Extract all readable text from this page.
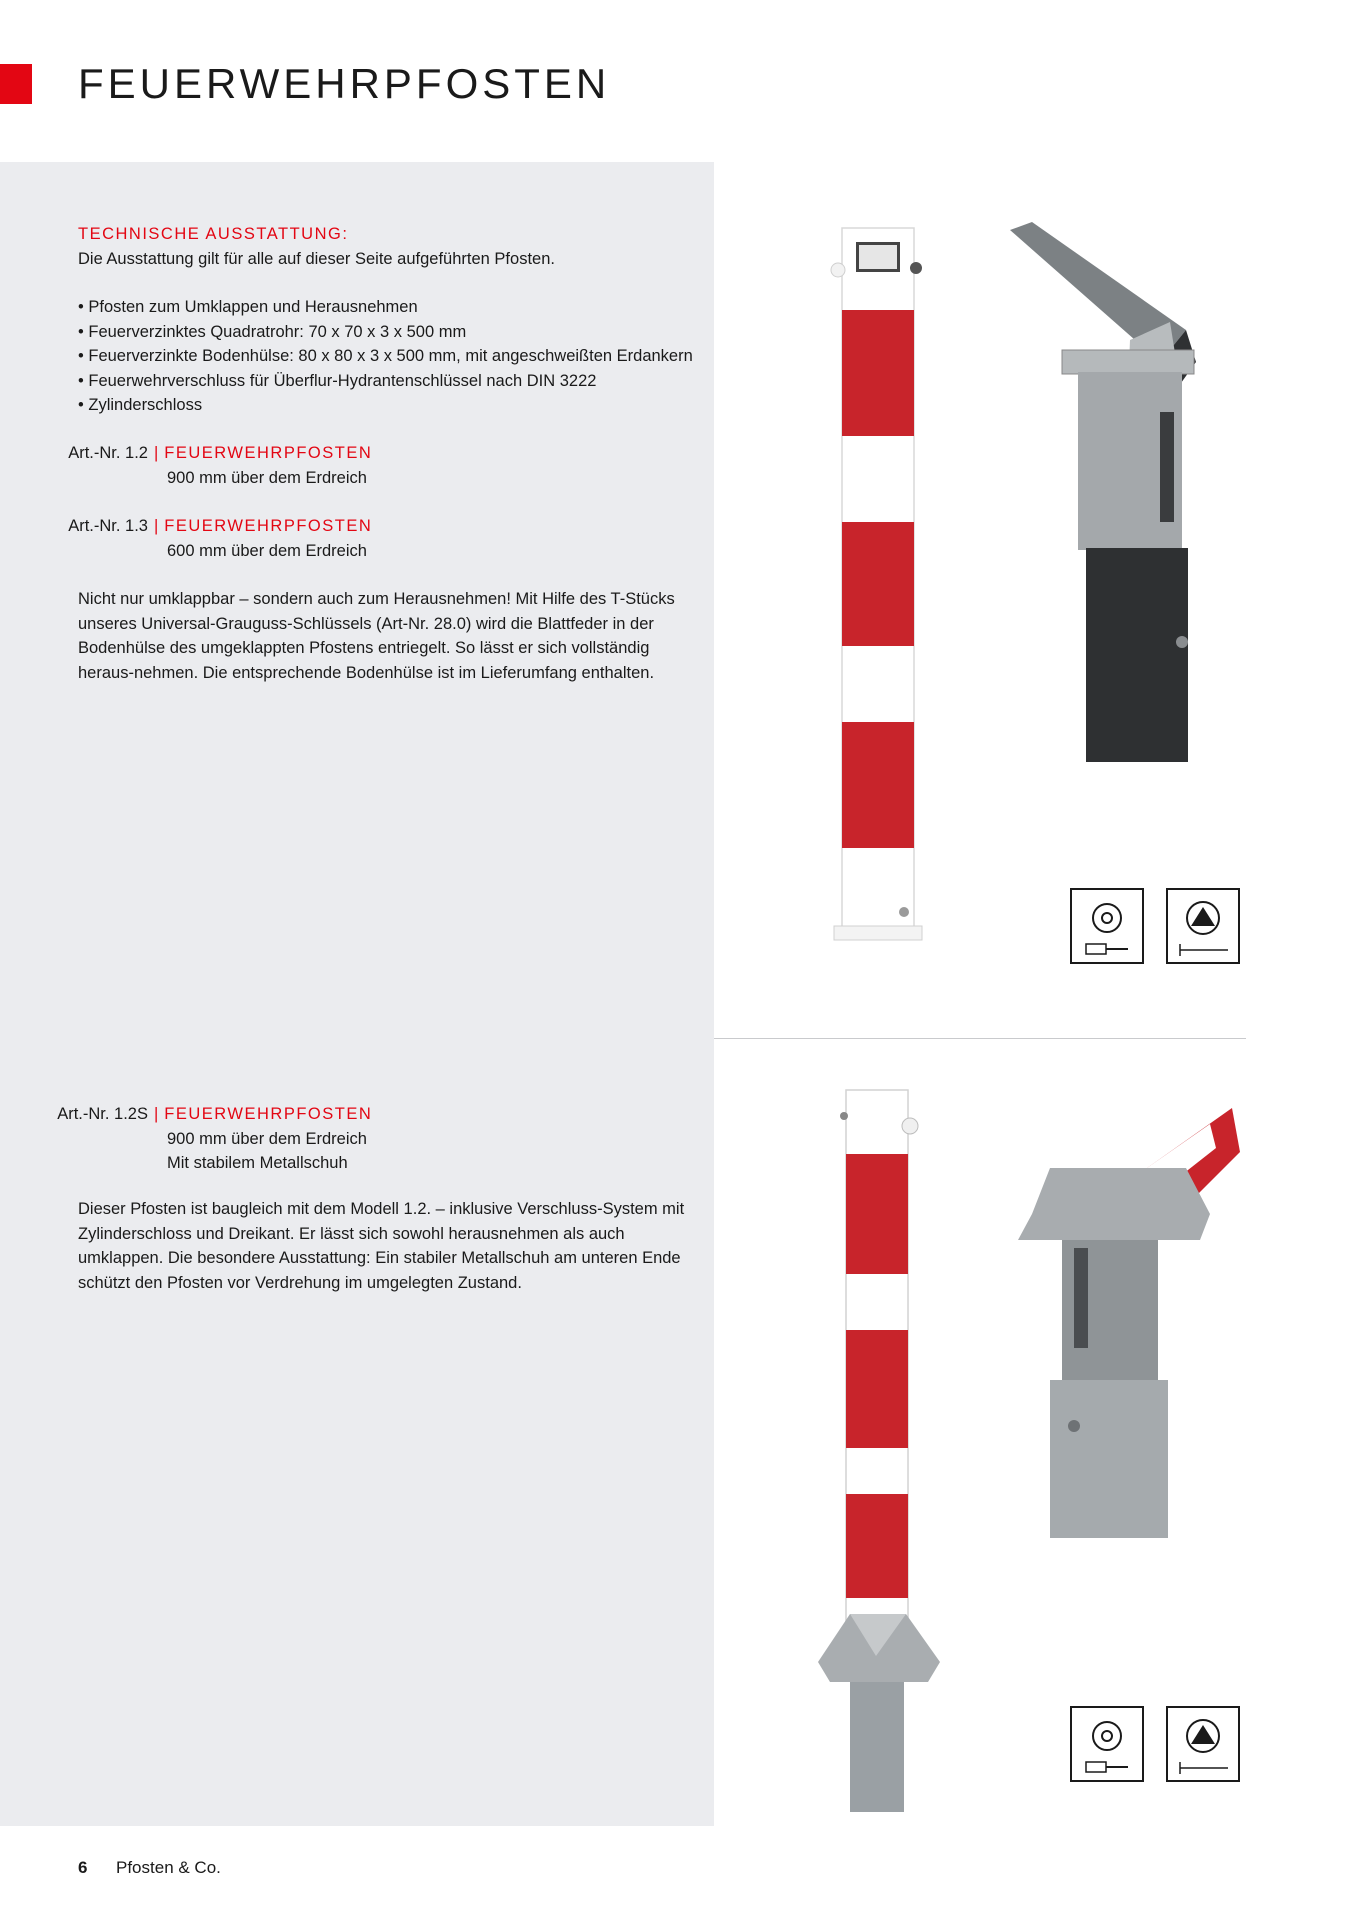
FEUERWEHRPFOSTEN

TECHNISCHE AUSSTATTUNG:

Die Ausstattung gilt für alle auf dieser Seite aufgeführten Pfosten.

• Pfosten zum Umklappen und Herausnehmen
• Feuerverzinktes Quadratrohr: 70 x 70 x 3 x 500 mm
• Feuerverzinkte Bodenhülse: 80 x 80 x 3 x 500 mm, mit angeschweißten Erdankern
• Feuerwehrverschluss für Überflur-Hydrantenschlüssel nach DIN 3222
• Zylinderschloss
Art.-Nr. 1.2 | FEUERWEHRPFOSTEN
900 mm über dem Erdreich
Art.-Nr. 1.3 | FEUERWEHRPFOSTEN
600 mm über dem Erdreich

Nicht nur umklappbar – sondern auch zum Herausnehmen! Mit Hilfe des T-Stücks unseres Universal-Grauguss-Schlüssels (Art-Nr. 28.0) wird die Blattfeder in der Bodenhülse des umgeklappten Pfostens entriegelt. So lässt er sich vollständig heraus-nehmen. Die entsprechende Bodenhülse ist im Lieferumfang enthalten.

Art.-Nr. 1.2S | FEUERWEHRPFOSTEN
900 mm über dem Erdreich
Mit stabilem Metallschuh

Dieser Pfosten ist baugleich mit dem Modell 1.2. – inklusive Verschluss-System mit Zylinderschloss und Dreikant. Er lässt sich sowohl herausnehmen als auch umklappen. Die besondere Ausstattung: Ein stabiler Metallschuh am unteren Ende schützt den Pfosten vor Verdrehung im umgelegten Zustand.

6 Pfosten & Co.
